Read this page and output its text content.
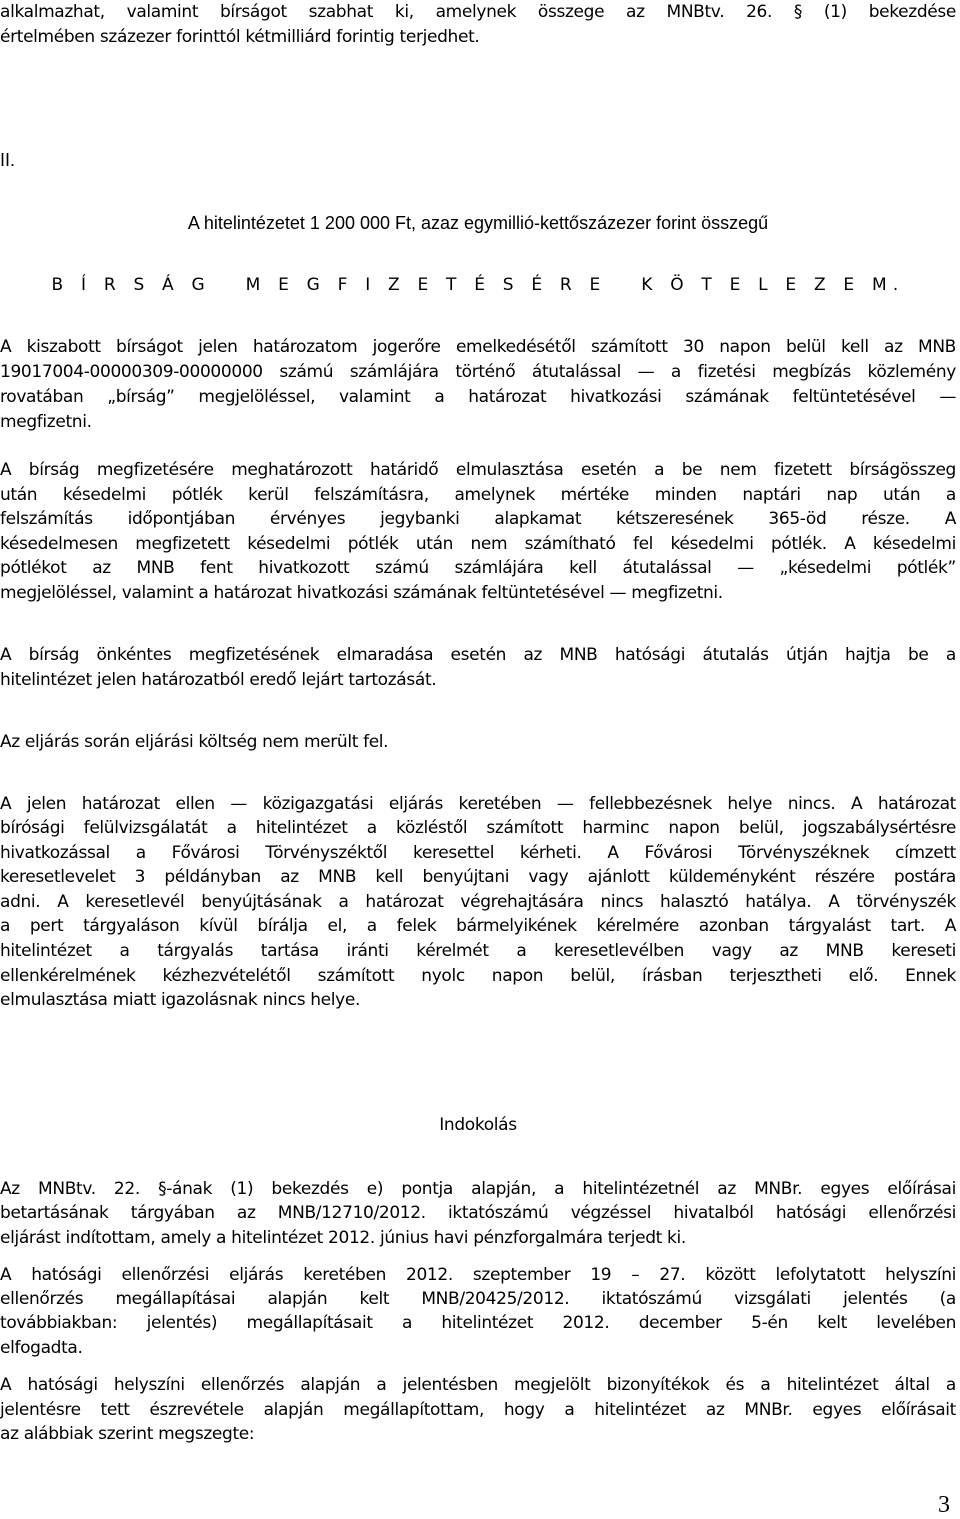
alkalmazhat, valamint bírságot szabhat ki, amelynek összege az MNBtv. 26. § (1) bekezdése
értelmében százezer forinttól kétmilliárd forintig terjedhet.
II.
A hitelintézetet 1 200 000 Ft, azaz egymillió-kettőszázezer forint összegű
B Í R S Á G   M E G F I Z E T É S É R E   K Ö T E L E Z E M.
A kiszabott bírságot jelen határozatom jogerőre emelkedésétől számított 30 napon belül kell az MNB
19017004-00000309-00000000 számú számlájára történő átutalással — a fizetési megbízás közlemény
rovatában „bírság” megjelöléssel, valamint a határozat hivatkozási számának feltüntetésével —
megfizetni.
A bírság megfizetésére meghatározott határidő elmulasztása esetén a be nem fizetett bírságösszeg
után késedelmi pótlék kerül felszámításra, amelynek mértéke minden naptári nap után a
felszámítás időpontjában érvényes jegybanki alapkamat kétszeresének 365-öd része. A
késedelmesen megfizetett késedelmi pótlék után nem számítható fel késedelmi pótlék. A késedelmi
pótlékot az MNB fent hivatkozott számú számlájára kell átutalással — „késedelmi pótlék”
megjelöléssel, valamint a határozat hivatkozási számának feltüntetésével — megfizetni.
A bírság önkéntes megfizetésének elmaradása esetén az MNB hatósági átutalás útján hajtja be a
hitelintézet jelen határozatból eredő lejárt tartozását.
Az eljárás során eljárási költség nem merült fel.
A jelen határozat ellen — közigazgatási eljárás keretében — fellebbezésnek helye nincs. A határozat
bírósági felülvizsgálatát a hitelintézet a közléstől számított harminc napon belül, jogszabálysértésre
hivatkozással a Fővárosi Törvényszéktől keresettel kérheti. A Fővárosi Törvényszéknek címzett
keresetlevelet 3 példányban az MNB kell benyújtani vagy ajánlott küldeményként részére postára
adni. A keresetlevél benyújtásának a határozat végrehajtására nincs halasztó hatálya. A törvényszék
a pert tárgyaláson kívül bírálja el, a felek bármelyikének kérelmére azonban tárgyalást tart. A
hitelintézet a tárgyalás tartása iránti kérelmét a keresetlevélben vagy az MNB kereseti
ellenkérelmének kézhezvételétől számított nyolc napon belül, írásban terjesztheti elő. Ennek
elmulasztása miatt igazolásnak nincs helye.
Indokolás
Az MNBtv. 22. §-ának (1) bekezdés e) pontja alapján, a hitelintézetnél az MNBr. egyes előírásai
betartásának tárgyában az MNB/12710/2012. iktatószámú végzéssel hivatalból hatósági ellenőrzési
eljárást indítottam, amely a hitelintézet 2012. június havi pénzforgalmára terjedt ki.
A hatósági ellenőrzési eljárás keretében 2012. szeptember 19 – 27. között lefolytatott helyszíni
ellenőrzés megállapításai alapján kelt MNB/20425/2012. iktatószámú vizsgálati jelentés (a
továbbiakban: jelentés) megállapításait a hitelintézet 2012. december 5-én kelt levelében
elfogadta.
A hatósági helyszíni ellenőrzés alapján a jelentésben megjelölt bizonyítékok és a hitelintézet által a
jelentésre tett észrevétele alapján megállapítottam, hogy a hitelintézet az MNBr. egyes előírásait
az alábbiak szerint megszegte:
3
